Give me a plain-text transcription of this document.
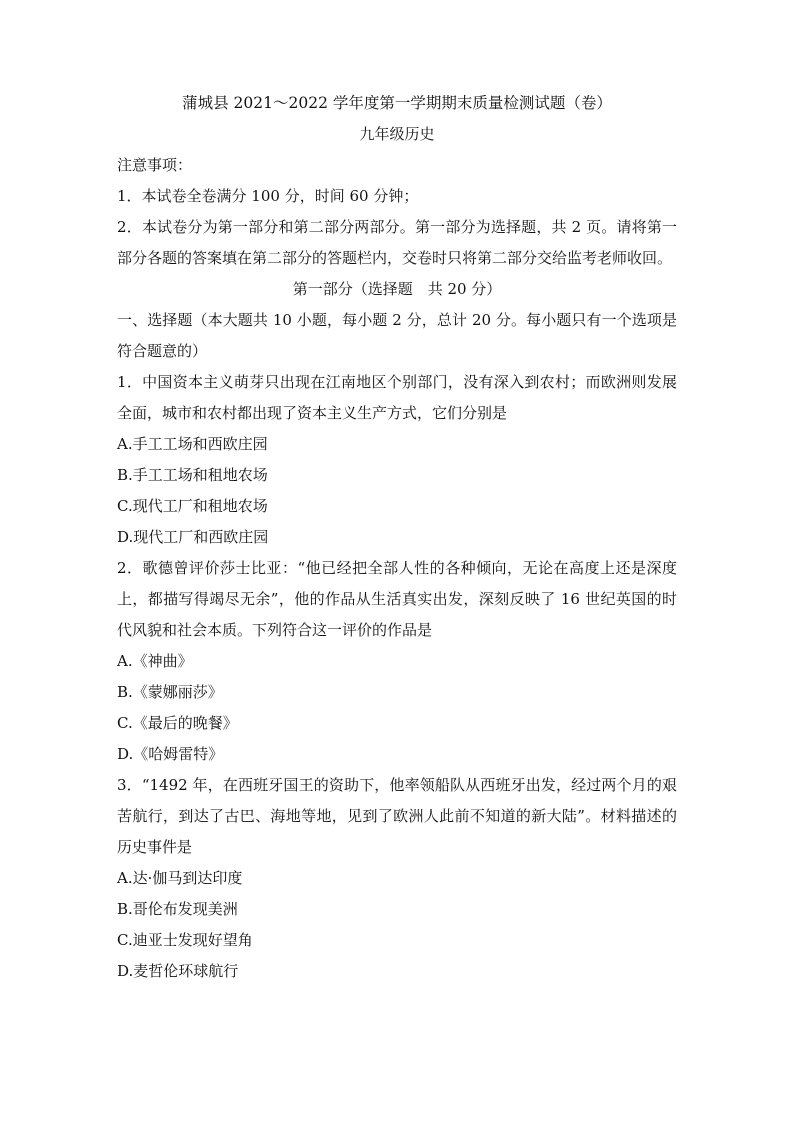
蒲城县 2021～2022 学年度第一学期期末质量检测试题（卷）
九年级历史
注意事项：
1．本试卷全卷满分 100 分，时间 60 分钟；
2．本试卷分为第一部分和第二部分两部分。第一部分为选择题，共 2 页。请将第一部分各题的答案填在第二部分的答题栏内，交卷时只将第二部分交给监考老师收回。
第一部分（选择题　共 20 分）
一、选择题（本大题共 10 小题，每小题 2 分，总计 20 分。每小题只有一个选项是符合题意的）
1．中国资本主义萌芽只出现在江南地区个别部门，没有深入到农村；而欧洲则发展全面，城市和农村都出现了资本主义生产方式，它们分别是
A.手工工场和西欧庄园
B.手工工场和租地农场
C.现代工厂和租地农场
D.现代工厂和西欧庄园
2．歌德曾评价莎士比亚：“他已经把全部人性的各种倾向，无论在高度上还是深度上，都描写得竭尽无余”，他的作品从生活真实出发，深刻反映了 16 世纪英国的时代风貌和社会本质。下列符合这一评价的作品是
A.《神曲》
B.《蒙娜丽莎》
C.《最后的晚餐》
D.《哈姆雷特》
3．“1492 年，在西班牙国王的资助下，他率领船队从西班牙出发，经过两个月的艰苦航行，到达了古巴、海地等地，见到了欧洲人此前不知道的新大陆”。材料描述的历史事件是
A.达·伽马到达印度
B.哥伦布发现美洲
C.迪亚士发现好望角
D.麦哲伦环球航行
